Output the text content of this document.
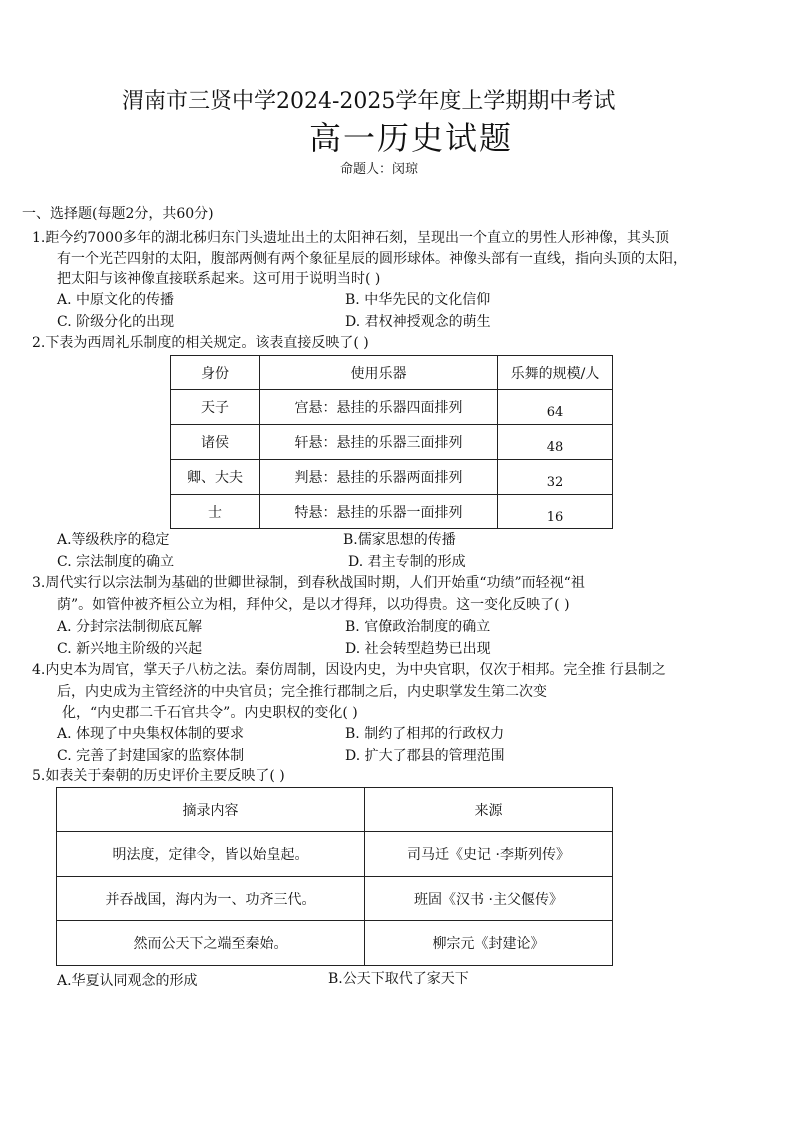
渭南市三贤中学2024-2025学年度上学期期中考试
高一历史试题
命题人：闵琼
一、选择题(每题2分，共60分)
1.距今约7000多年的湖北秭归东门头遗址出土的太阳神石刻，呈现出一个直立的男性人形神像，其头顶
有一个光芒四射的太阳，腹部两侧有两个象征星辰的圆形球体。神像头部有一直线，指向头顶的太阳，
把太阳与该神像直接联系起来。这可用于说明当时( )
A. 中原文化的传播	B. 中华先民的文化信仰
C. 阶级分化的出现	D. 君权神授观念的萌生
2.下表为西周礼乐制度的相关规定。该表直接反映了( )
身份	使用乐器	乐舞的规模/人
天子	宫悬：悬挂的乐器四面排列	64
诸侯	轩悬：悬挂的乐器三面排列	48
卿、大夫	判悬：悬挂的乐器两面排列	32
士	特悬：悬挂的乐器一面排列	16
A.等级秩序的稳定	B.儒家思想的传播
C. 宗法制度的确立	D. 君主专制的形成
3.周代实行以宗法制为基础的世卿世禄制，到春秋战国时期，人们开始重“功绩”而轻视“祖
荫”。如管仲被齐桓公立为相，拜仲父，是以才得拜，以功得贵。这一变化反映了( )
A. 分封宗法制彻底瓦解	B. 官僚政治制度的确立
C. 新兴地主阶级的兴起	D. 社会转型趋势已出现
4.内史本为周官，掌天子八枋之法。秦仿周制，因设内史，为中央官职，仅次于相邦。完全推 行县制之
后，内史成为主管经济的中央官员；完全推行郡制之后，内史职掌发生第二次变
化，“内史郡二千石官共令”。内史职权的变化( )
A. 体现了中央集权体制的要求	B. 制约了相邦的行政权力
C. 完善了封建国家的监察体制	D. 扩大了郡县的管理范围
5.如表关于秦朝的历史评价主要反映了( )
摘录内容	来源
明法度，定律令，皆以始皇起。	司马迁《史记 ·李斯列传》
并吞战国，海内为一、功齐三代。	班固《汉书 ·主父偃传》
然而公天下之端至秦始。	柳宗元《封建论》
A.华夏认同观念的形成	B.公天下取代了家天下
